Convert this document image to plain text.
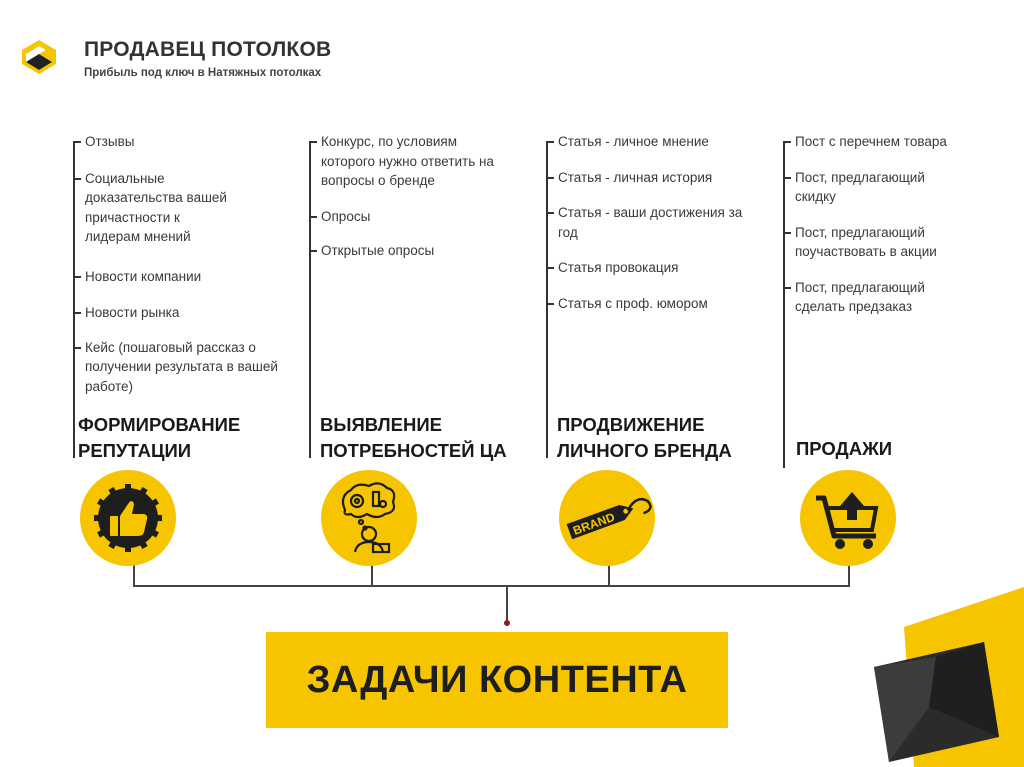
ПРОДАВЕЦ ПОТОЛКОВ
Прибыль под ключ в Натяжных потолках
Отзывы
Социальные доказательства вашей причастности к лидерам мнений
Новости компании
Новости рынка
Кейс (пошаговый рассказ о получении результата в вашей работе)
ФОРМИРОВАНИЕ
РЕПУТАЦИИ
Конкурс, по условиям которого нужно ответить на вопросы о бренде
Опросы
Открытые опросы
ВЫЯВЛЕНИЕ
ПОТРЕБНОСТЕЙ ЦА
Статья - личное мнение
Статья - личная история
Статья - ваши достижения за год
Статья провокация
Статья с проф. юмором
ПРОДВИЖЕНИЕ
ЛИЧНОГО БРЕНДА
Пост с перечнем товара
Пост, предлагающий скидку
Пост, предлагающий поучаствовать в акции
Пост, предлагающий сделать предзаказ
ПРОДАЖИ
BRAND
ЗАДАЧИ КОНТЕНТА
